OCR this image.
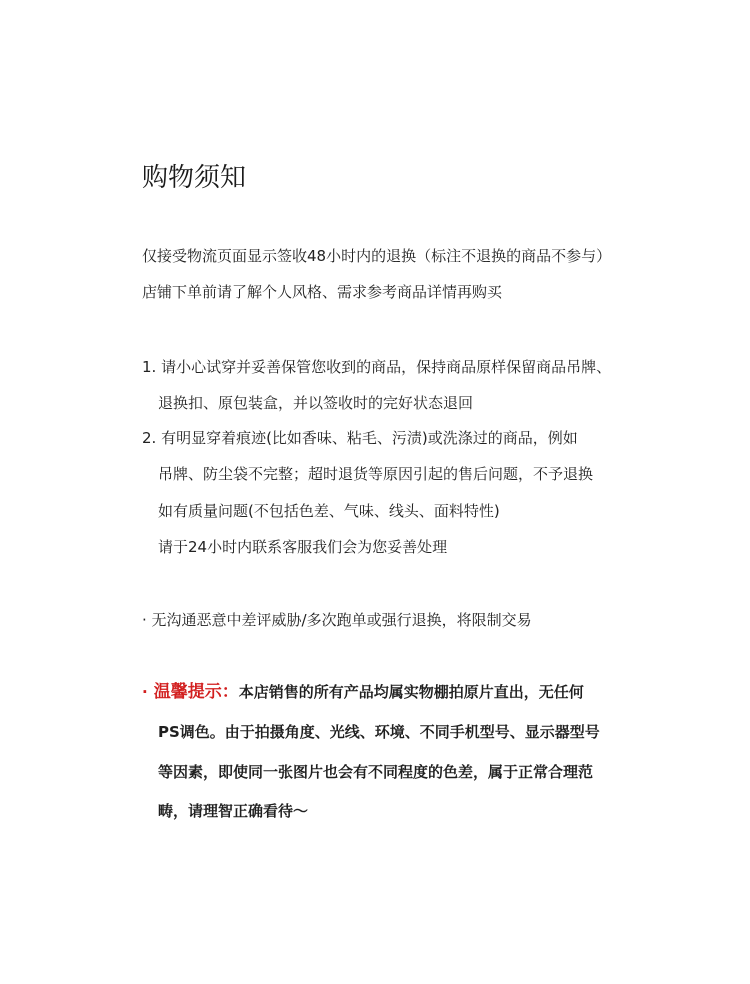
购物须知
仅接受物流页面显示签收48小时内的退换（标注不退换的商品不参与）
店铺下单前请了解个人风格、需求参考商品详情再购买
1. 请小心试穿并妥善保管您收到的商品，保持商品原样保留商品吊牌、
退换扣、原包装盒，并以签收时的完好状态退回
2. 有明显穿着痕迹(比如香味、粘毛、污渍)或洗涤过的商品，例如
吊牌、防尘袋不完整；超时退货等原因引起的售后问题，不予退换
如有质量问题(不包括色差、气味、线头、面料特性)
请于24小时内联系客服我们会为您妥善处理
· 无沟通恶意中差评威胁/多次跑单或强行退换，将限制交易
· 温馨提示：本店销售的所有产品均属实物棚拍原片直出，无任何
PS调色。由于拍摄角度、光线、环境、不同手机型号、显示器型号
等因素，即使同一张图片也会有不同程度的色差，属于正常合理范
畴，请理智正确看待～
